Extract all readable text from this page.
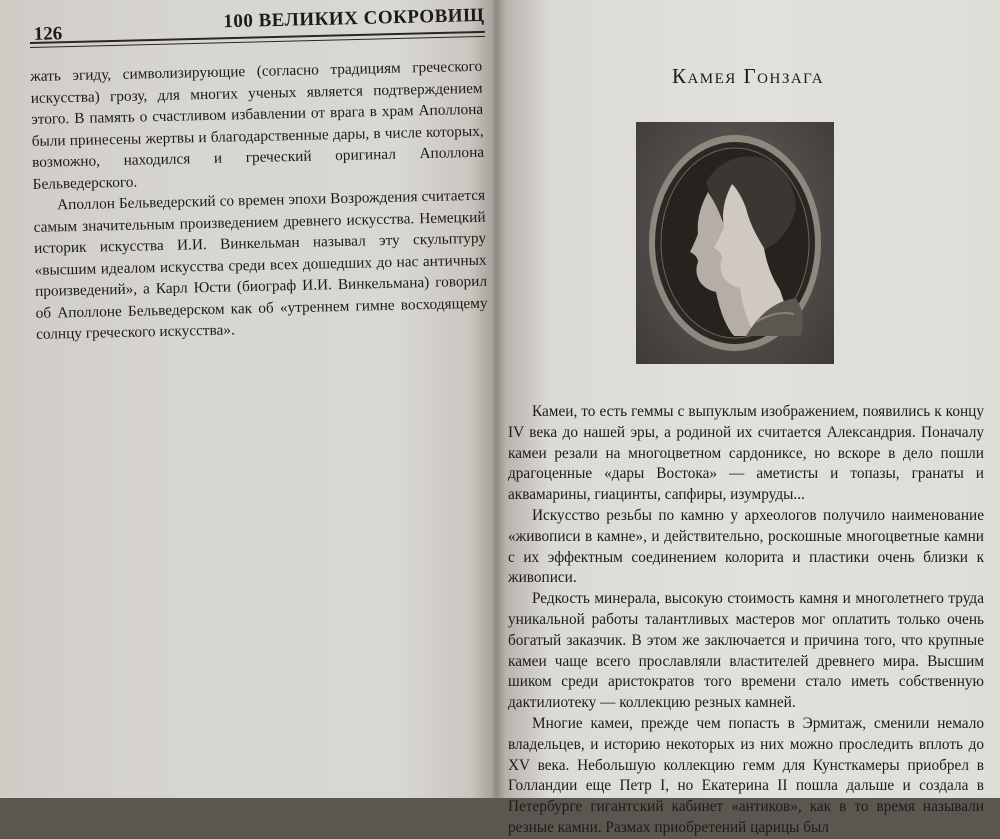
126
100 ВЕЛИКИХ СОКРОВИЩ

жать эгиду, символизирующие (согласно традициям греческого искусства) грозу, для многих ученых является подтверждением этого. В память о счастливом избавлении от врага в храм Аполлона были принесены жертвы и благодарственные дары, в числе которых, возможно, находился и греческий оригинал Аполлона Бельведерского.

Аполлон Бельведерский со времен эпохи Возрождения считается самым значительным произведением древнего искусства. Немецкий историк искусства И.И. Винкельман называл эту скульптуру «высшим идеалом искусства среди всех дошедших до нас античных произведений», а Карл Юсти (биограф И.И. Винкельмана) говорил об Аполлоне Бельведерском как об «утреннем гимне восходящему солнцу греческого искусства».

Камея Гонзага

Камеи, то есть геммы с выпуклым изображением, появились к концу IV века до нашей эры, а родиной их считается Александрия. Поначалу камеи резали на многоцветном сардониксе, но вскоре в дело пошли драгоценные «дары Востока» — аметисты и топазы, гранаты и аквамарины, гиацинты, сапфиры, изумруды...

Искусство резьбы по камню у археологов получило наименование «живописи в камне», и действительно, роскошные многоцветные камни с их эффектным соединением колорита и пластики очень близки к живописи.

Редкость минерала, высокую стоимость камня и многолетнего труда уникальной работы талантливых мастеров мог оплатить только очень богатый заказчик. В этом же заключается и причина того, что крупные камеи чаще всего прославляли властителей древнего мира. Высшим шиком среди аристократов того времени стало иметь собственную дактилиотеку — коллекцию резных камней.

Многие камеи, прежде чем попасть в Эрмитаж, сменили немало владельцев, и историю некоторых из них можно проследить вплоть до XV века. Небольшую коллекцию гемм для Кунсткамеры приобрел в Голландии еще Петр I, но Екатерина II пошла дальше и создала в Петербурге гигантский кабинет «антиков», как в то время называли резные камни. Размах приобретений царицы был
